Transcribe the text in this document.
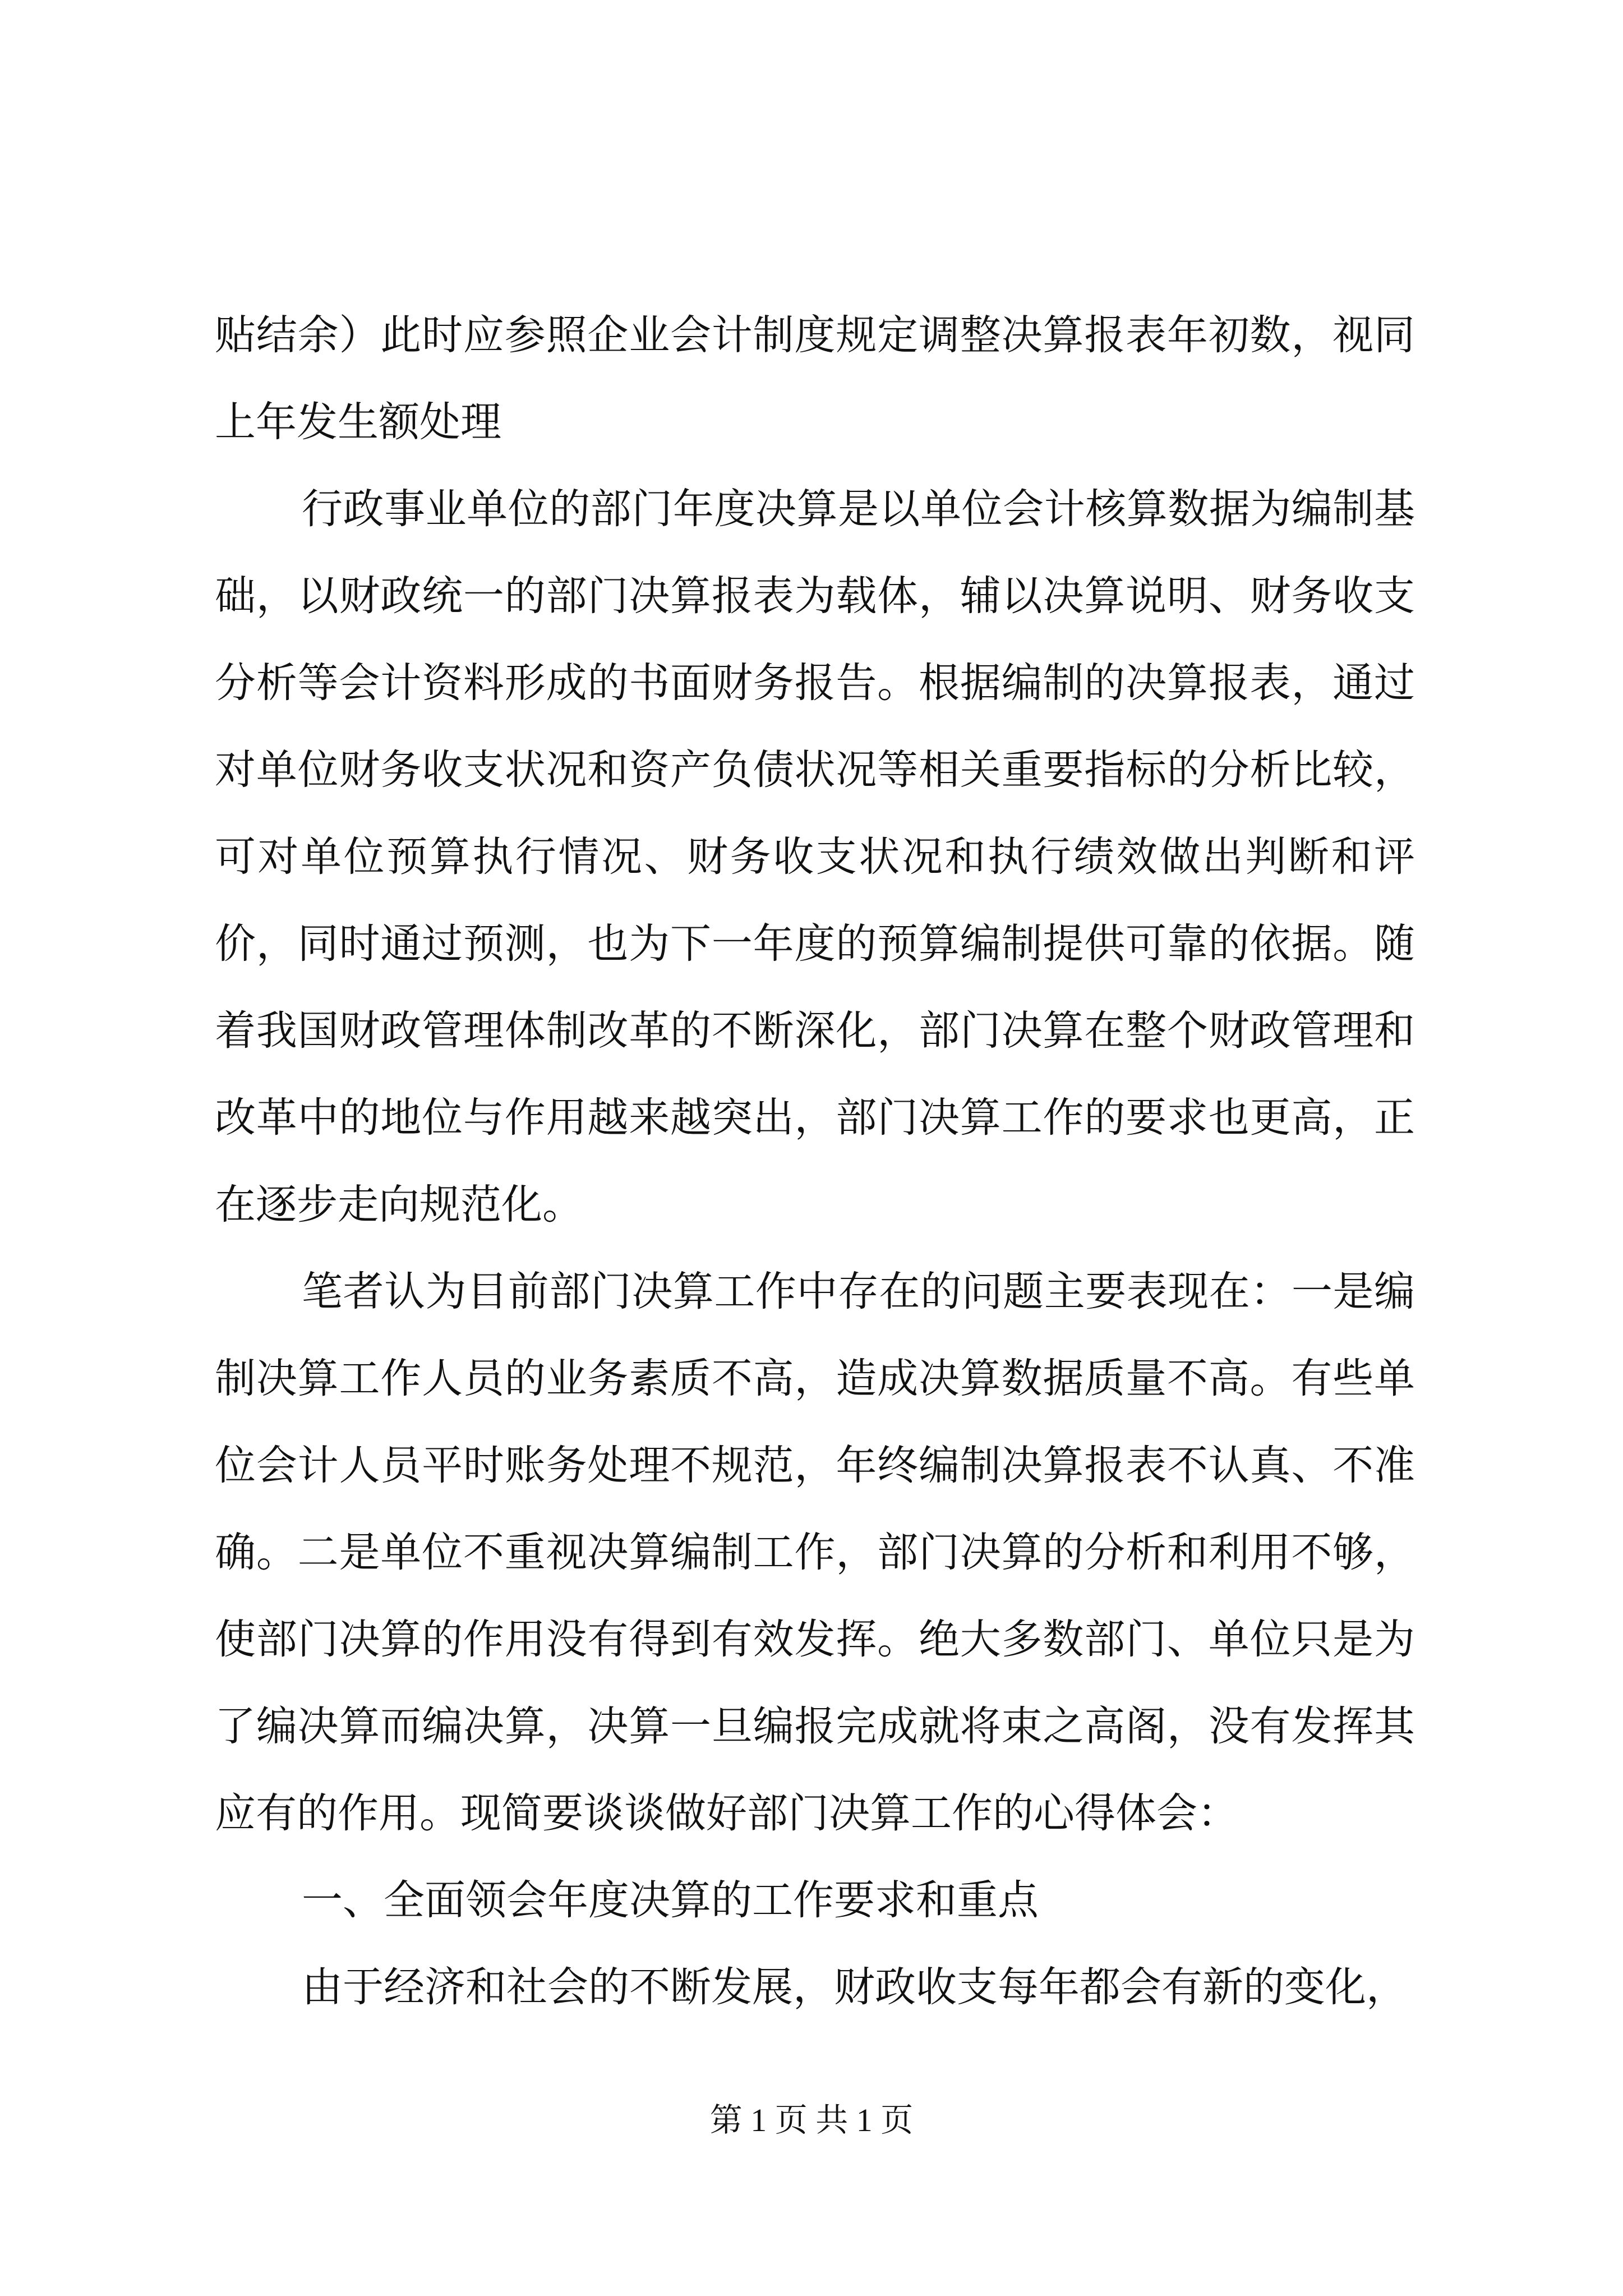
贴结余）此时应参照企业会计制度规定调整决算报表年初数，视同上年发生额处理

行政事业单位的部门年度决算是以单位会计核算数据为编制基础，以财政统一的部门决算报表为载体，辅以决算说明、财务收支分析等会计资料形成的书面财务报告。根据编制的决算报表，通过对单位财务收支状况和资产负债状况等相关重要指标的分析比较，可对单位预算执行情况、财务收支状况和执行绩效做出判断和评价，同时通过预测，也为下一年度的预算编制提供可靠的依据。随着我国财政管理体制改革的不断深化，部门决算在整个财政管理和改革中的地位与作用越来越突出，部门决算工作的要求也更高，正在逐步走向规范化。

笔者认为目前部门决算工作中存在的问题主要表现在：一是编制决算工作人员的业务素质不高，造成决算数据质量不高。有些单位会计人员平时账务处理不规范，年终编制决算报表不认真、不准确。二是单位不重视决算编制工作，部门决算的分析和利用不够，使部门决算的作用没有得到有效发挥。绝大多数部门、单位只是为了编决算而编决算，决算一旦编报完成就将束之高阁，没有发挥其应有的作用。现简要谈谈做好部门决算工作的心得体会：

一、全面领会年度决算的工作要求和重点

由于经济和社会的不断发展，财政收支每年都会有新的变化，

第 1 页 共 1 页
